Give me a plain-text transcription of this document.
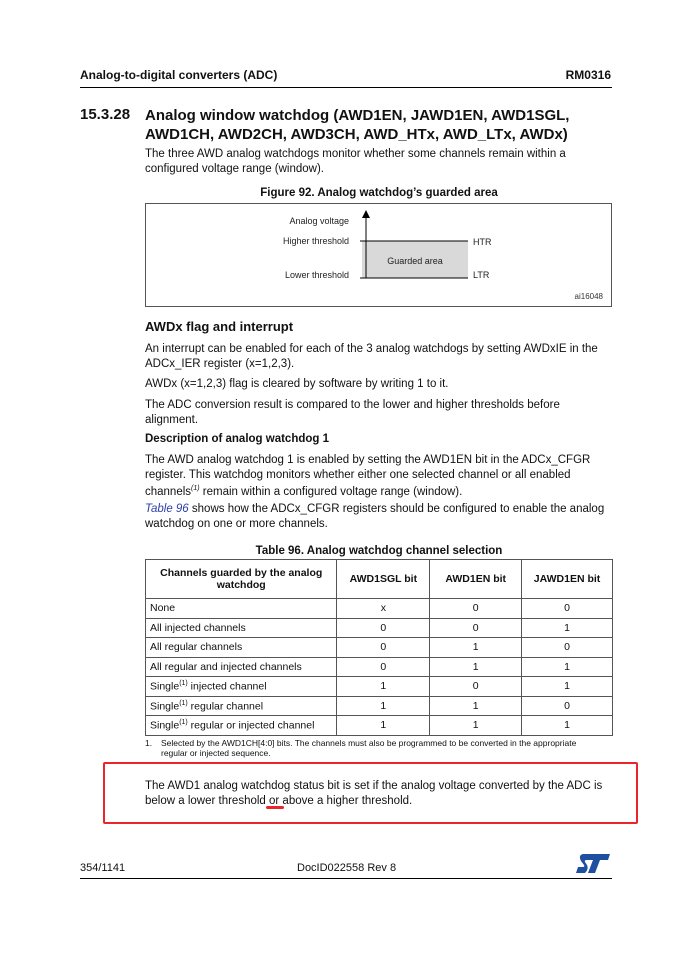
Analog-to-digital converters (ADC)	RM0316
15.3.28 Analog window watchdog (AWD1EN, JAWD1EN, AWD1SGL, AWD1CH, AWD2CH, AWD3CH, AWD_HTx, AWD_LTx, AWDx)

The three AWD analog watchdogs monitor whether some channels remain within a configured voltage range (window).

Figure 92. Analog watchdog’s guarded area
Analog voltage
Higher threshold
Lower threshold
Guarded area
HTR
LTR
ai16048
AWDx flag and interrupt

An interrupt can be enabled for each of the 3 analog watchdogs by setting AWDxIE in the ADCx_IER register (x=1,2,3).

AWDx (x=1,2,3) flag is cleared by software by writing 1 to it.

The ADC conversion result is compared to the lower and higher thresholds before alignment.

Description of analog watchdog 1

The AWD analog watchdog 1 is enabled by setting the AWD1EN bit in the ADCx_CFGR register. This watchdog monitors whether either one selected channel or all enabled channels$^{(1)}$ remain within a configured voltage range (window).

Table 96 shows how the ADCx_CFGR registers should be configured to enable the analog watchdog on one or more channels.

Table 96. Analog watchdog channel selection
Channels guarded by the analog watchdog	AWD1SGL bit	AWD1EN bit	JAWD1EN bit
None	x	0	0
All injected channels	0	0	1
All regular channels	0	1	0
All regular and injected channels	0	1	1
Single$^{(1)}$ injected channel	1	0	1
Single$^{(1)}$ regular channel	1	1	0
Single$^{(1)}$ regular or injected channel	1	1	1
1. Selected by the AWD1CH[4:0] bits. The channels must also be programmed to be converted in the appropriate regular or injected sequence.

The AWD1 analog watchdog status bit is set if the analog voltage converted by the ADC is below a lower threshold or above a higher threshold.

354/1141	DocID022558 Rev 8
